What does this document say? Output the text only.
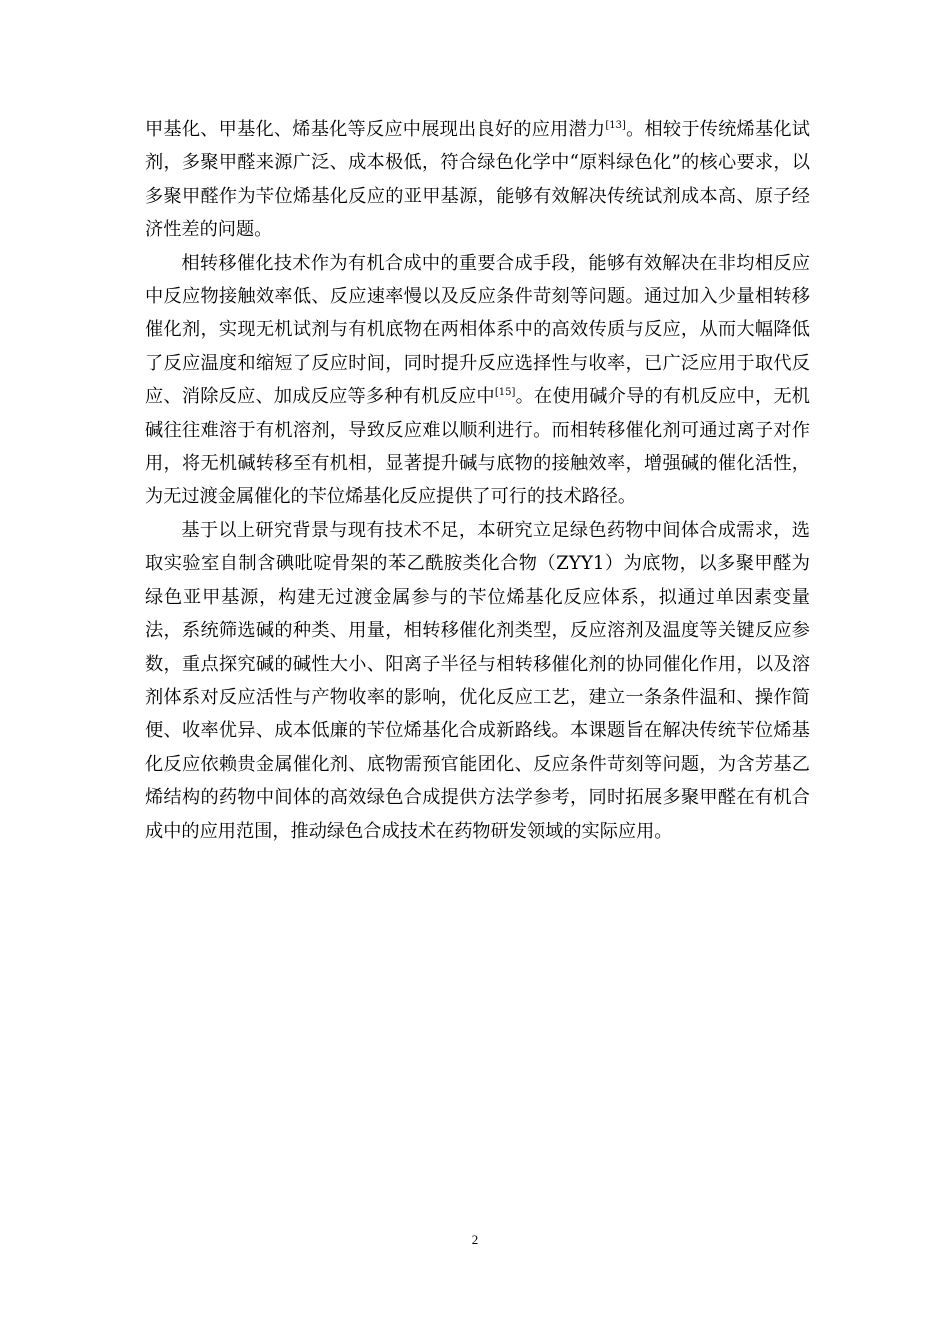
甲基化、甲基化、烯基化等反应中展现出良好的应用潜力[13]。相较于传统烯基化试剂，多聚甲醛来源广泛、成本极低，符合绿色化学中“原料绿色化”的核心要求，以多聚甲醛作为苄位烯基化反应的亚甲基源，能够有效解决传统试剂成本高、原子经济性差的问题。

相转移催化技术作为有机合成中的重要合成手段，能够有效解决在非均相反应中反应物接触效率低、反应速率慢以及反应条件苛刻等问题。通过加入少量相转移催化剂，实现无机试剂与有机底物在两相体系中的高效传质与反应，从而大幅降低了反应温度和缩短了反应时间，同时提升反应选择性与收率，已广泛应用于取代反应、消除反应、加成反应等多种有机反应中[15]。在使用碱介导的有机反应中，无机碱往往难溶于有机溶剂，导致反应难以顺利进行。而相转移催化剂可通过离子对作用，将无机碱转移至有机相，显著提升碱与底物的接触效率，增强碱的催化活性，为无过渡金属催化的苄位烯基化反应提供了可行的技术路径。

基于以上研究背景与现有技术不足，本研究立足绿色药物中间体合成需求，选取实验室自制含碘吡啶骨架的苯乙酰胺类化合物（ZYY1）为底物，以多聚甲醛为绿色亚甲基源，构建无过渡金属参与的苄位烯基化反应体系，拟通过单因素变量法，系统筛选碱的种类、用量，相转移催化剂类型，反应溶剂及温度等关键反应参数，重点探究碱的碱性大小、阳离子半径与相转移催化剂的协同催化作用，以及溶剂体系对反应活性与产物收率的影响，优化反应工艺，建立一条条件温和、操作简便、收率优异、成本低廉的苄位烯基化合成新路线。本课题旨在解决传统苄位烯基化反应依赖贵金属催化剂、底物需预官能团化、反应条件苛刻等问题，为含芳基乙烯结构的药物中间体的高效绿色合成提供方法学参考，同时拓展多聚甲醛在有机合成中的应用范围，推动绿色合成技术在药物研发领域的实际应用。

2
